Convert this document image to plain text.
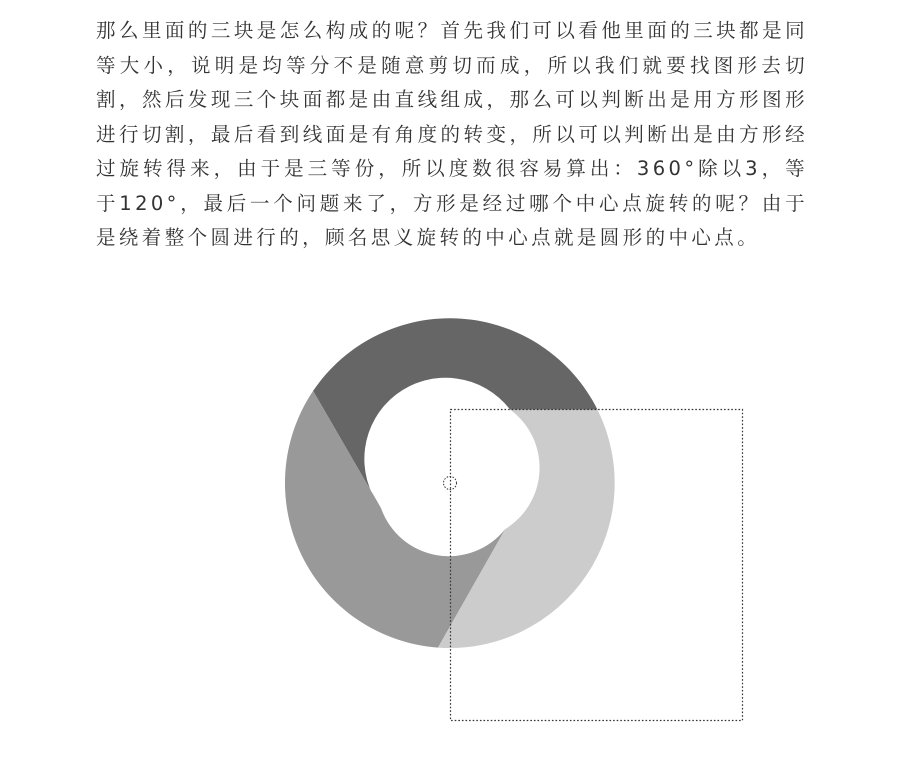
那么里面的三块是怎么构成的呢？首先我们可以看他里面的三块都是同等大小，说明是均等分不是随意剪切而成，所以我们就要找图形去切割，然后发现三个块面都是由直线组成，那么可以判断出是用方形图形进行切割，最后看到线面是有角度的转变，所以可以判断出是由方形经过旋转得来，由于是三等份，所以度数很容易算出：360°除以3，等于120°，最后一个问题来了，方形是经过哪个中心点旋转的呢？由于是绕着整个圆进行的，顾名思义旋转的中心点就是圆形的中心点。
